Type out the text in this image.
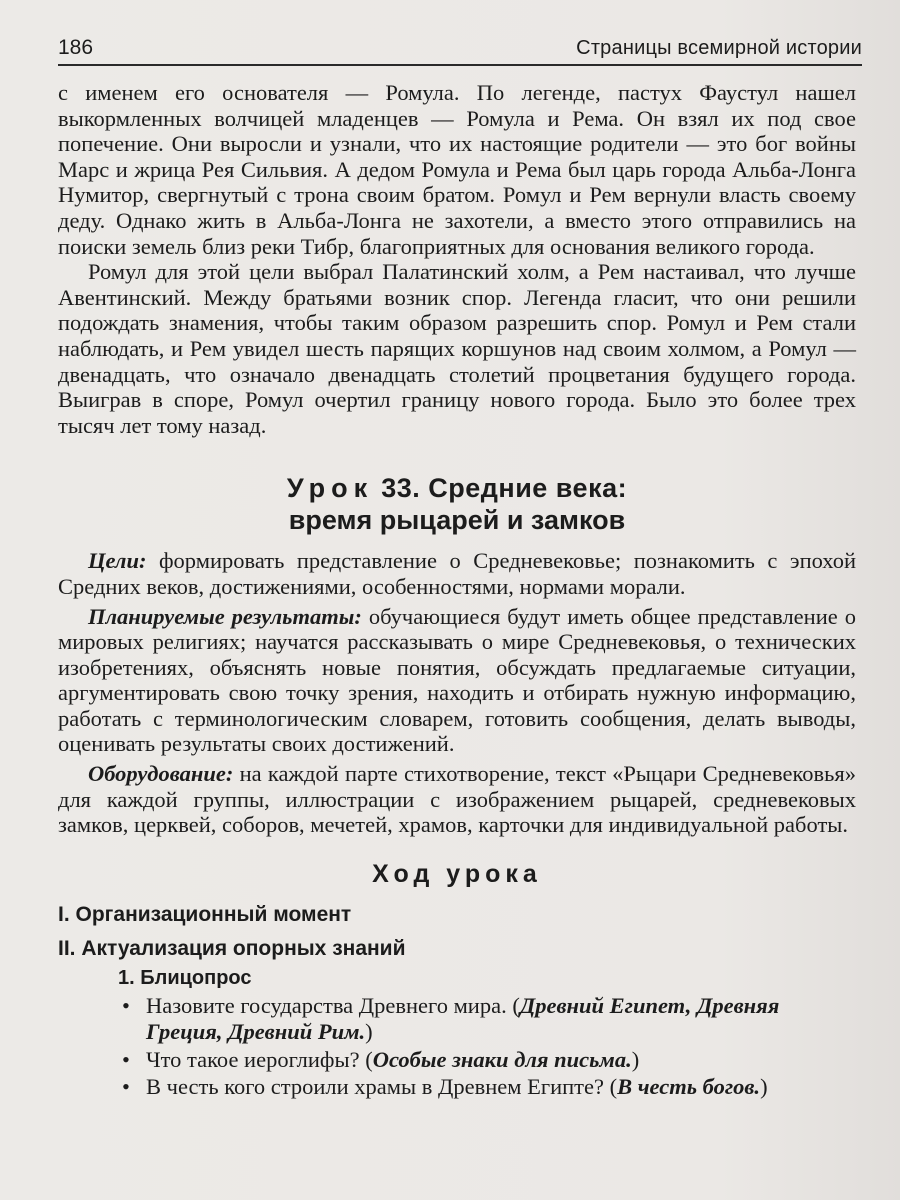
186	Страницы всемирной истории

с именем его основателя — Ромула. По легенде, пастух Фаустул нашел выкормленных волчицей младенцев — Ромула и Рема. Он взял их под свое попечение. Они выросли и узнали, что их настоящие родители — это бог войны Марс и жрица Рея Сильвия. А дедом Ромула и Рема был царь города Альба-Лонга Нумитор, свергнутый с трона своим братом. Ромул и Рем вернули власть своему деду. Однако жить в Альба-Лонга не захотели, а вместо этого отправились на поиски земель близ реки Тибр, благоприятных для основания великого города.

Ромул для этой цели выбрал Палатинский холм, а Рем настаивал, что лучше Авентинский. Между братьями возник спор. Легенда гласит, что они решили подождать знамения, чтобы таким образом разрешить спор. Ромул и Рем стали наблюдать, и Рем увидел шесть парящих коршунов над своим холмом, а Ромул — двенадцать, что означало двенадцать столетий процветания будущего города. Выиграв в споре, Ромул очертил границу нового города. Было это более трех тысяч лет тому назад.

Урок 33. Средние века:
время рыцарей и замков

Цели: формировать представление о Средневековье; познакомить с эпохой Средних веков, достижениями, особенностями, нормами морали.

Планируемые результаты: обучающиеся будут иметь общее представление о мировых религиях; научатся рассказывать о мире Средневековья, о технических изобретениях, объяснять новые понятия, обсуждать предлагаемые ситуации, аргументировать свою точку зрения, находить и отбирать нужную информацию, работать с терминологическим словарем, готовить сообщения, делать выводы, оценивать результаты своих достижений.

Оборудование: на каждой парте стихотворение, текст «Рыцари Средневековья» для каждой группы, иллюстрации с изображением рыцарей, средневековых замков, церквей, соборов, мечетей, храмов, карточки для индивидуальной работы.

Ход урока
I. Организационный момент
II. Актуализация опорных знаний
1. Блицопрос
• Назовите государства Древнего мира. (Древний Египет, Древняя Греция, Древний Рим.)
• Что такое иероглифы? (Особые знаки для письма.)
• В честь кого строили храмы в Древнем Египте? (В честь богов.)
